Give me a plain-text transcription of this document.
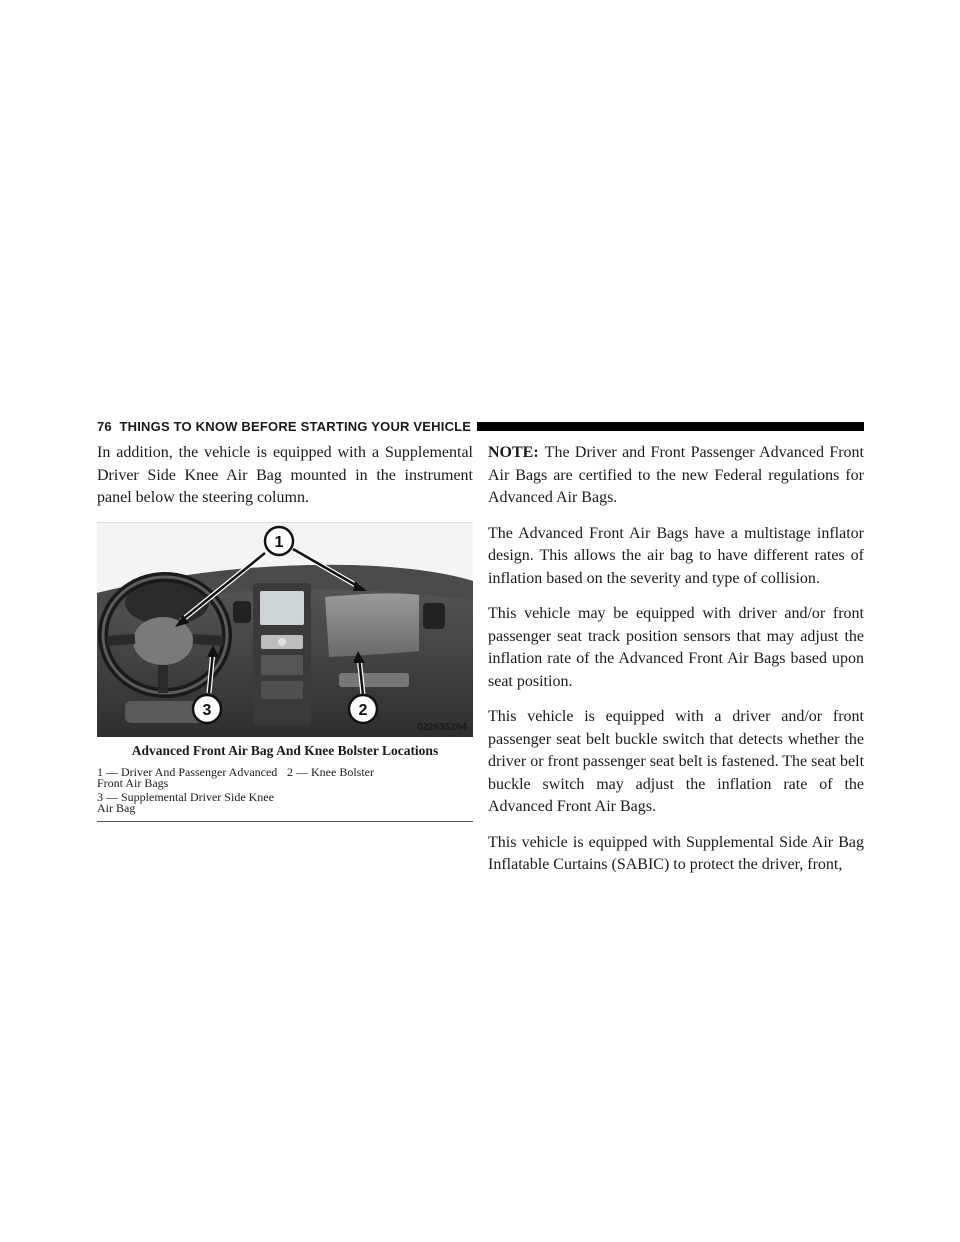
76 THINGS TO KNOW BEFORE STARTING YOUR VEHICLE

In addition, the vehicle is equipped with a Supplemental Driver Side Knee Air Bag mounted in the instrument panel below the steering column.

1
3	2
022635264
Advanced Front Air Bag And Knee Bolster Locations
1 — Driver And Passenger Advanced Front Air Bags
2 — Knee Bolster
3 — Supplemental Driver Side Knee Air Bag

NOTE: The Driver and Front Passenger Advanced Front Air Bags are certified to the new Federal regulations for Advanced Air Bags.

The Advanced Front Air Bags have a multistage inflator design. This allows the air bag to have different rates of inflation based on the severity and type of collision.

This vehicle may be equipped with driver and/or front passenger seat track position sensors that may adjust the inflation rate of the Advanced Front Air Bags based upon seat position.

This vehicle is equipped with a driver and/or front passenger seat belt buckle switch that detects whether the driver or front passenger seat belt is fastened. The seat belt buckle switch may adjust the inflation rate of the Advanced Front Air Bags.

This vehicle is equipped with Supplemental Side Air Bag Inflatable Curtains (SABIC) to protect the driver, front,
